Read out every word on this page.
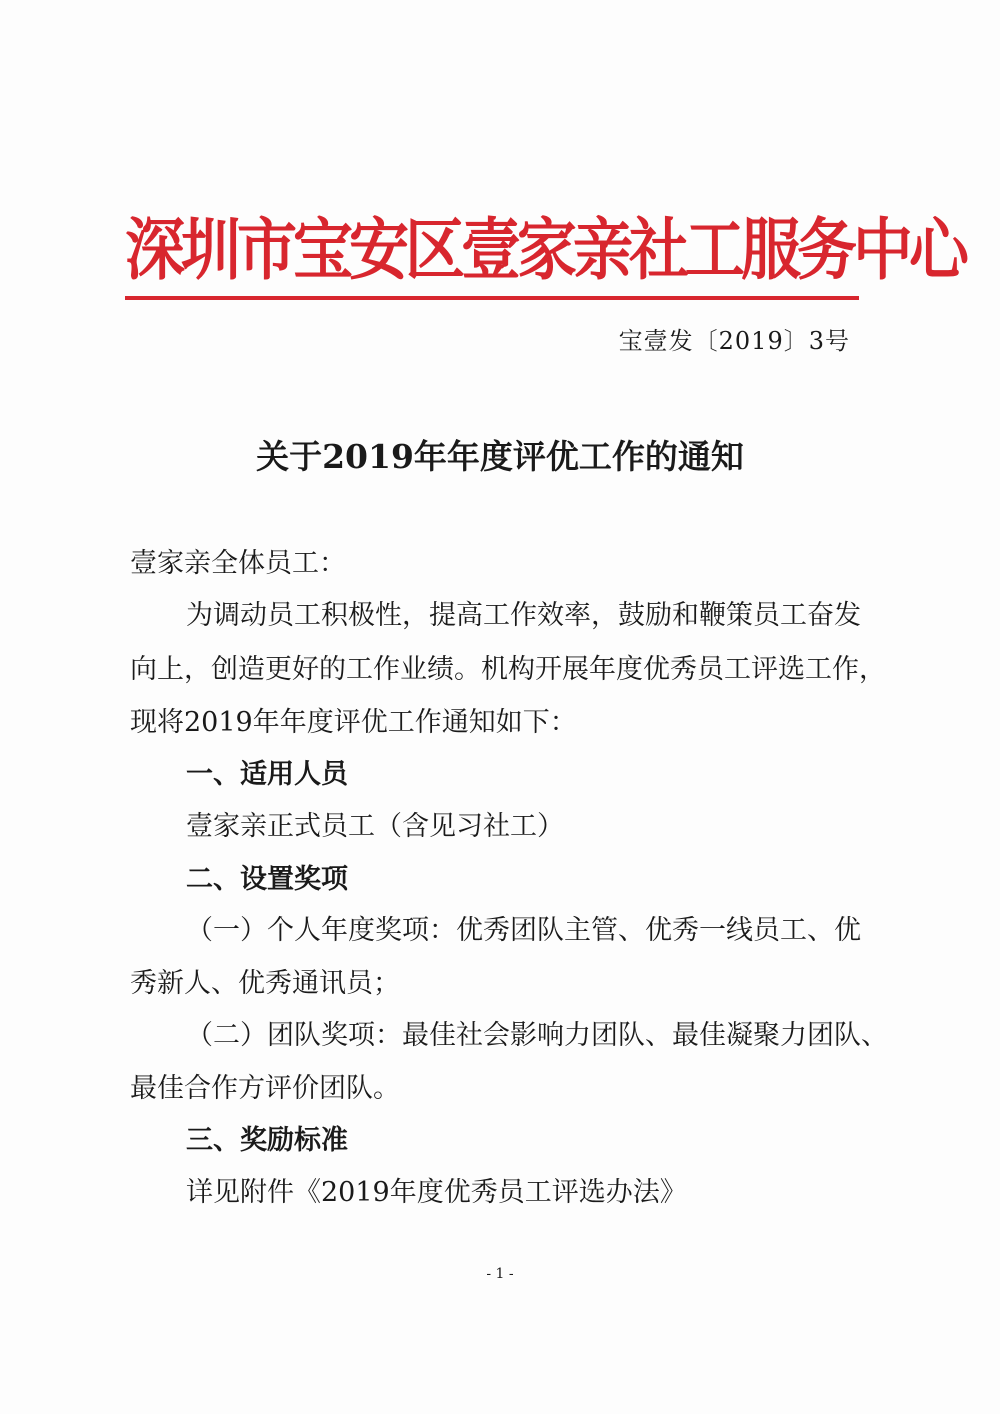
深圳市宝安区壹家亲社工服务中心
宝壹发〔2019〕3号
关于2019年年度评优工作的通知
壹家亲全体员工：
为调动员工积极性，提高工作效率，鼓励和鞭策员工奋发
向上，创造更好的工作业绩。机构开展年度优秀员工评选工作，
现将2019年年度评优工作通知如下：
一、适用人员
壹家亲正式员工（含见习社工）
二、设置奖项
（一）个人年度奖项：优秀团队主管、优秀一线员工、优
秀新人、优秀通讯员；
（二）团队奖项：最佳社会影响力团队、最佳凝聚力团队、
最佳合作方评价团队。
三、奖励标准
详见附件《2019年度优秀员工评选办法》
- 1 -
